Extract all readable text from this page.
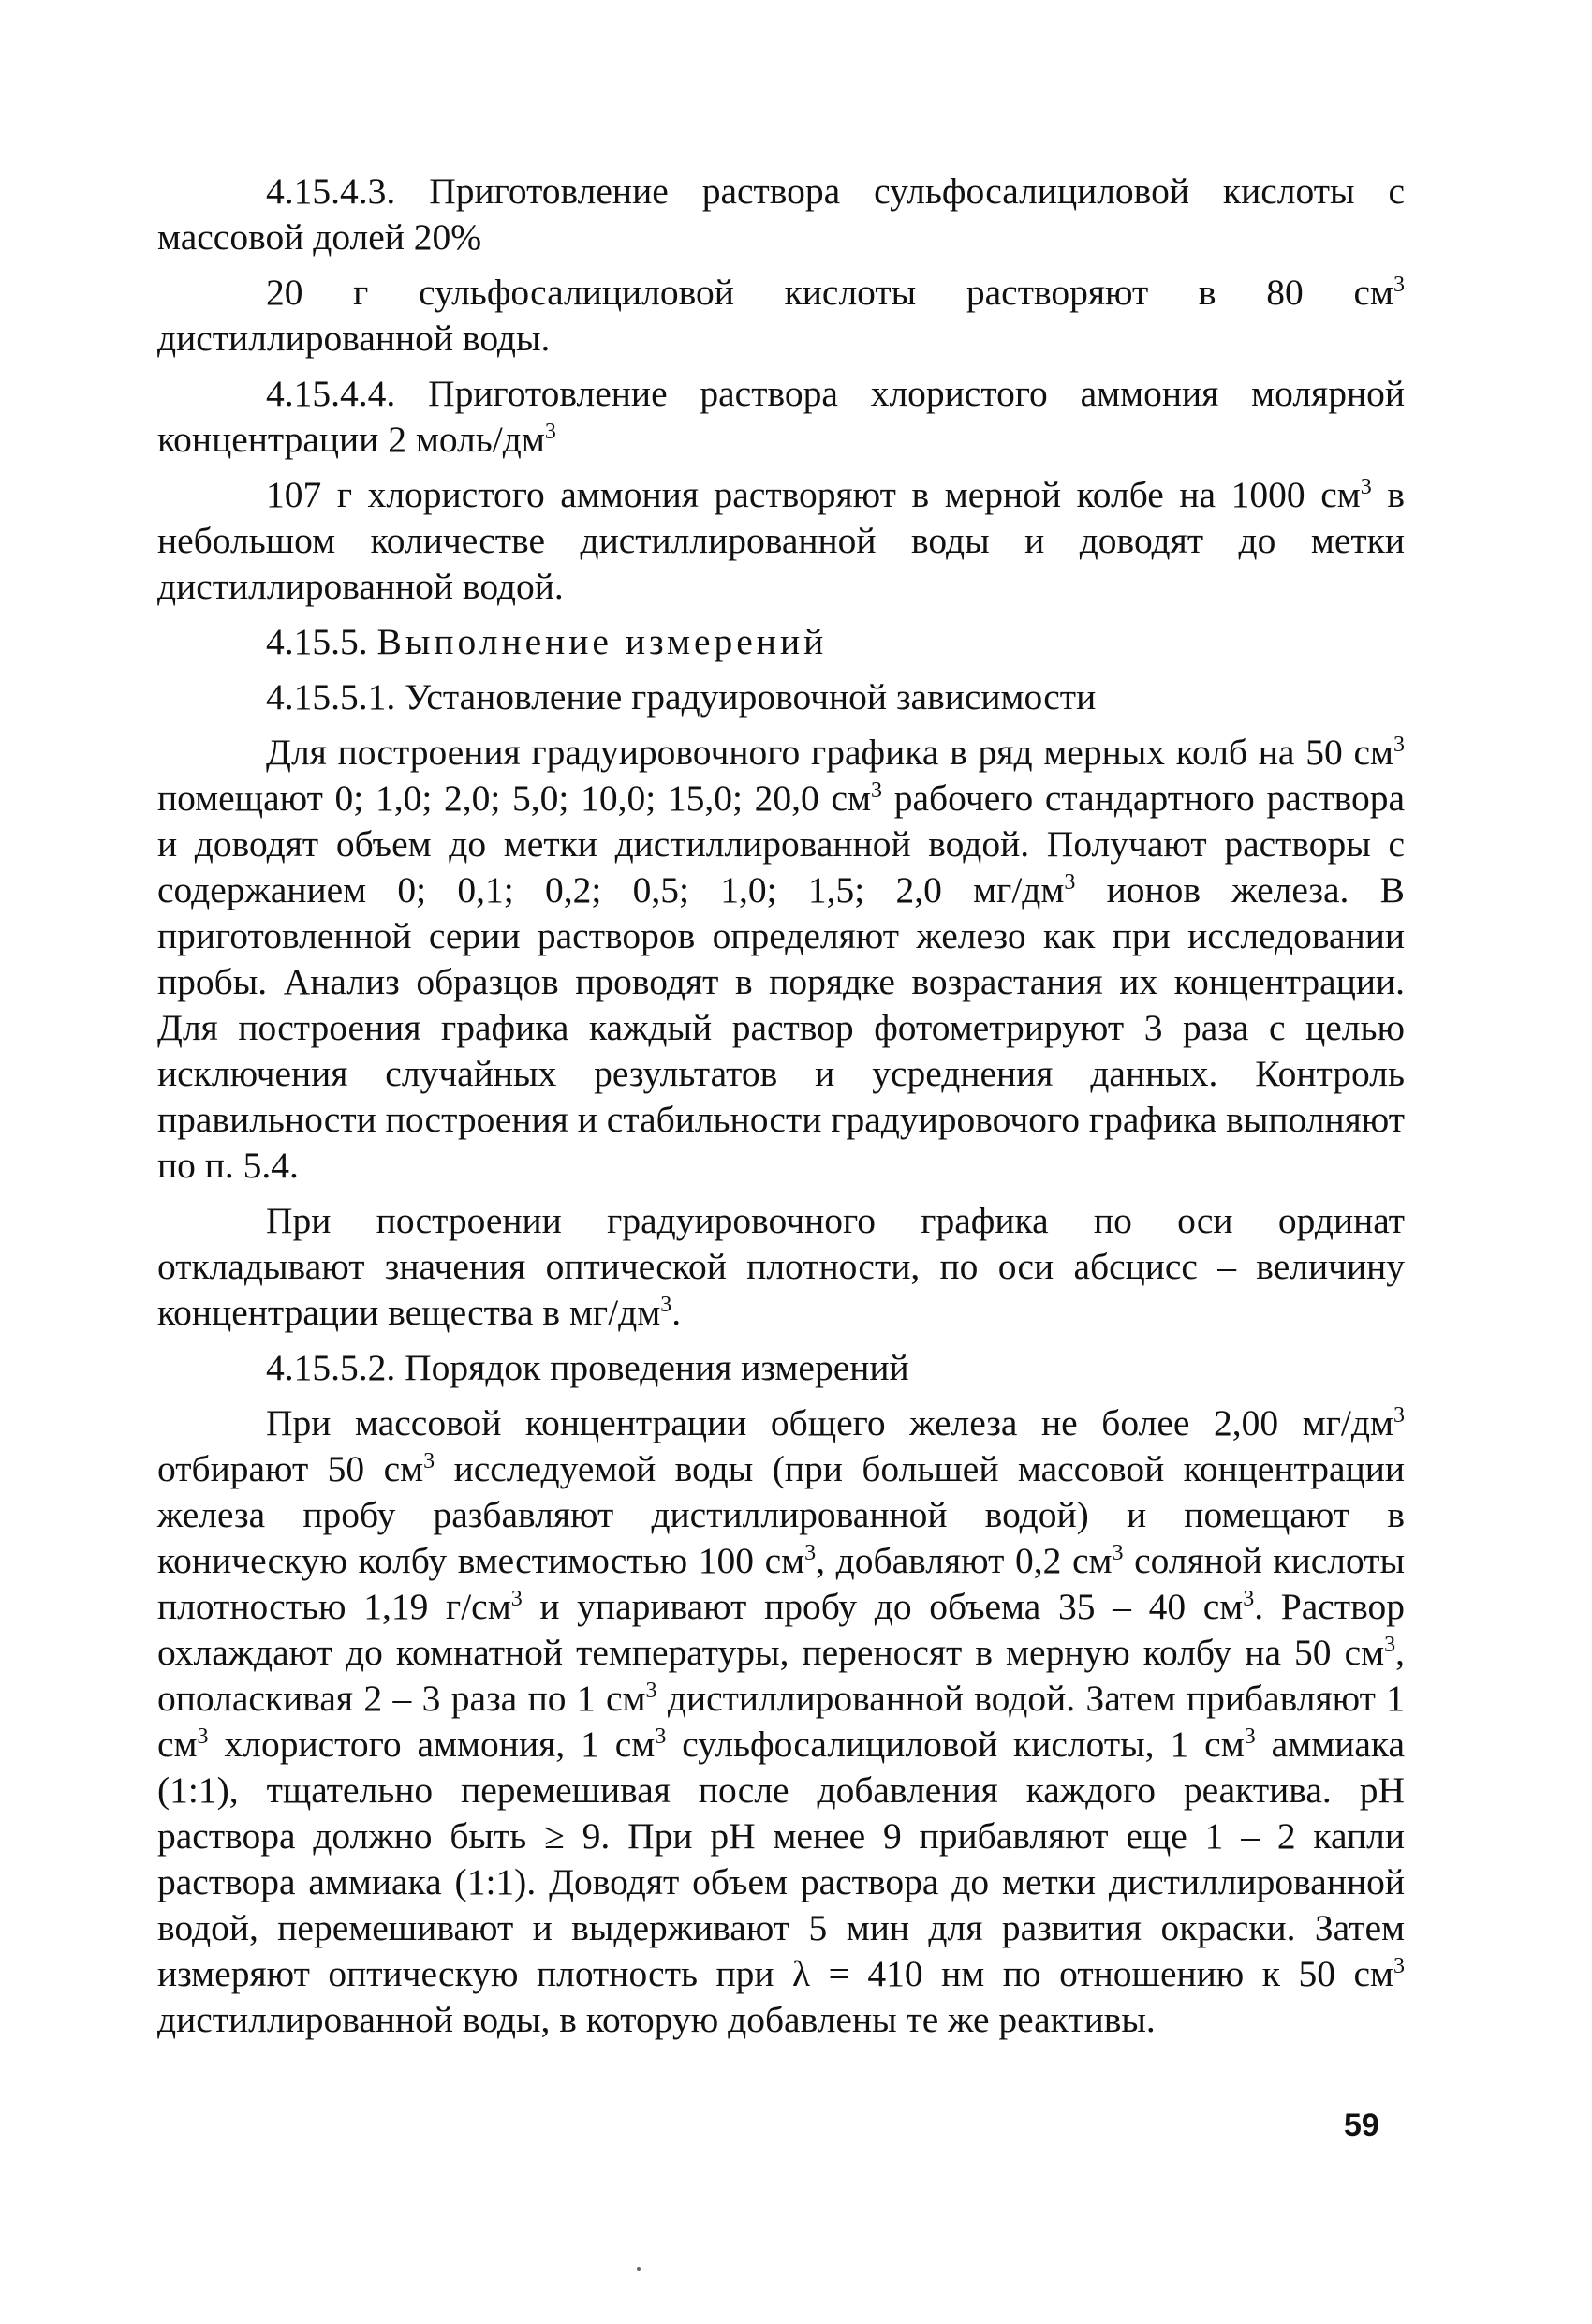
4.15.4.3. Приготовление раствора сульфосалициловой кислоты с массовой долей 20%

20 г сульфосалициловой кислоты растворяют в 80 $см^3$ дистиллированной воды.

4.15.4.4. Приготовление раствора хлористого аммония молярной концентрации 2 моль/$дм^3$

107 г хлористого аммония растворяют в мерной колбе на 1000 $см^3$ в небольшом количестве дистиллированной воды и доводят до метки дистиллированной водой.

4.15.5. Выполнение измерений

4.15.5.1. Установление градуировочной зависимости

Для построения градуировочного графика в ряд мерных колб на 50 $см^3$ помещают 0; 1,0; 2,0; 5,0; 10,0; 15,0; 20,0 $см^3$ рабочего стандартного раствора и доводят объем до метки дистиллированной водой. Получают растворы с содержанием 0; 0,1; 0,2; 0,5; 1,0; 1,5; 2,0 $мг/дм^3$ ионов железа. В приготовленной серии растворов определяют железо как при исследовании пробы. Анализ образцов проводят в порядке возрастания их концентрации. Для построения графика каждый раствор фотометрируют 3 раза с целью исключения случайных результатов и усреднения данных. Контроль правильности построения и стабильности градуировочого графика выполняют по п. 5.4.

При построении градуировочного графика по оси ординат откладывают значения оптической плотности, по оси абсцисс – величину концентрации вещества в $мг/дм^3$.

4.15.5.2. Порядок проведения измерений

При массовой концентрации общего железа не более 2,00 $мг/дм^3$ отбирают 50 $см^3$ исследуемой воды (при большей массовой концентрации железа пробу разбавляют дистиллированной водой) и помещают в коническую колбу вместимостью 100 $см^3$, добавляют 0,2 $см^3$ соляной кислоты плотностью 1,19 $г/см^3$ и упаривают пробу до объема 35 – 40 $см^3$. Раствор охлаждают до комнатной температуры, переносят в мерную колбу на 50 $см^3$, ополаскивая 2 – 3 раза по 1 $см^3$ дистиллированной водой. Затем прибавляют 1 $см^3$ хлористого аммония, 1 $см^3$ сульфосалициловой кислоты, 1 $см^3$ аммиака (1:1), тщательно перемешивая после добавления каждого реактива. pH раствора должно быть ≥ 9. При pH менее 9 прибавляют еще 1 – 2 капли раствора аммиака (1:1). Доводят объем раствора до метки дистиллированной водой, перемешивают и выдерживают 5 мин для развития окраски. Затем измеряют оптическую плотность при λ = 410 нм по отношению к 50 $см^3$ дистиллированной воды, в которую добавлены те же реактивы.

59
